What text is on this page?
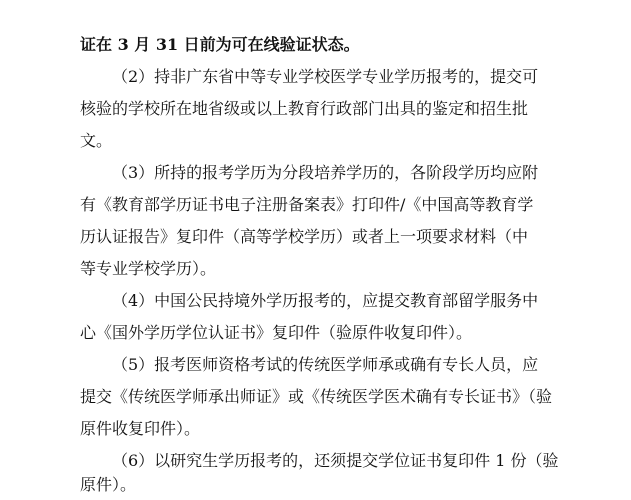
证在 3 月 31 日前为可在线验证状态。
（2）持非广东省中等专业学校医学专业学历报考的，提交可
核验的学校所在地省级或以上教育行政部门出具的鉴定和招生批
文。
（3）所持的报考学历为分段培养学历的，各阶段学历均应附
有《教育部学历证书电子注册备案表》打印件/《中国高等教育学
历认证报告》复印件（高等学校学历）或者上一项要求材料（中
等专业学校学历）。
（4）中国公民持境外学历报考的，应提交教育部留学服务中
心《国外学历学位认证书》复印件（验原件收复印件）。
（5）报考医师资格考试的传统医学师承或确有专长人员，应
提交《传统医学师承出师证》或《传统医学医术确有专长证书》（验
原件收复印件）。
（6）以研究生学历报考的，还须提交学位证书复印件 1 份（验
原件）。
